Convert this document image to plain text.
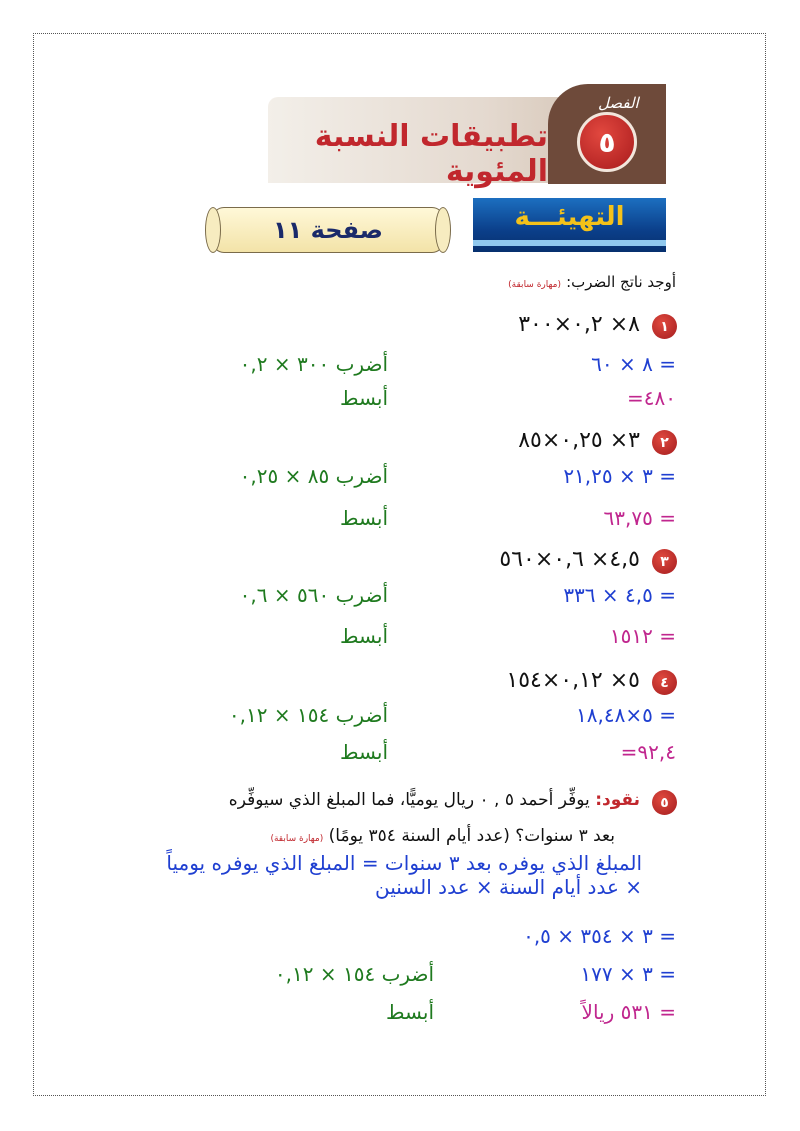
تطبيقات النسبة المئوية
الفصل
٥
التهيئـــة
صفحة ١١
أوجد ناتج الضرب: (مهارة سابقة)
١
٨× ٠,٢×٣٠٠
= ٨ × ٦٠
أضرب ٣٠٠ × ٠,٢
٤٨٠=
أبسط
٢
٣× ٠,٢٥×٨٥
= ٣ × ٢١,٢٥
أضرب ٨٥ × ٠,٢٥
= ٦٣,٧٥
أبسط
٣
٤,٥× ٠,٦×٥٦٠
= ٤,٥ × ٣٣٦
أضرب ٥٦٠ × ٠,٦
= ١٥١٢
أبسط
٤
٥× ٠,١٢×١٥٤
= ٥×١٨,٤٨
أضرب ١٥٤ × ٠,١٢
٩٢,٤=
أبسط
٥
نقود: يوفِّر أحمد ٥ , ٠ ريال يوميًّا، فما المبلغ الذي سيوفِّره
بعد ٣ سنوات؟ (عدد أيام السنة ٣٥٤ يومًا) (مهارة سابقة)
المبلغ الذي يوفره بعد ٣ سنوات = المبلغ الذي يوفره يومياً × عدد أيام السنة × عدد السنين
= ٣ × ٣٥٤ × ٠,٥
= ٣ × ١٧٧
أضرب ١٥٤ × ٠,١٢
= ٥٣١ ريالاً
أبسط
